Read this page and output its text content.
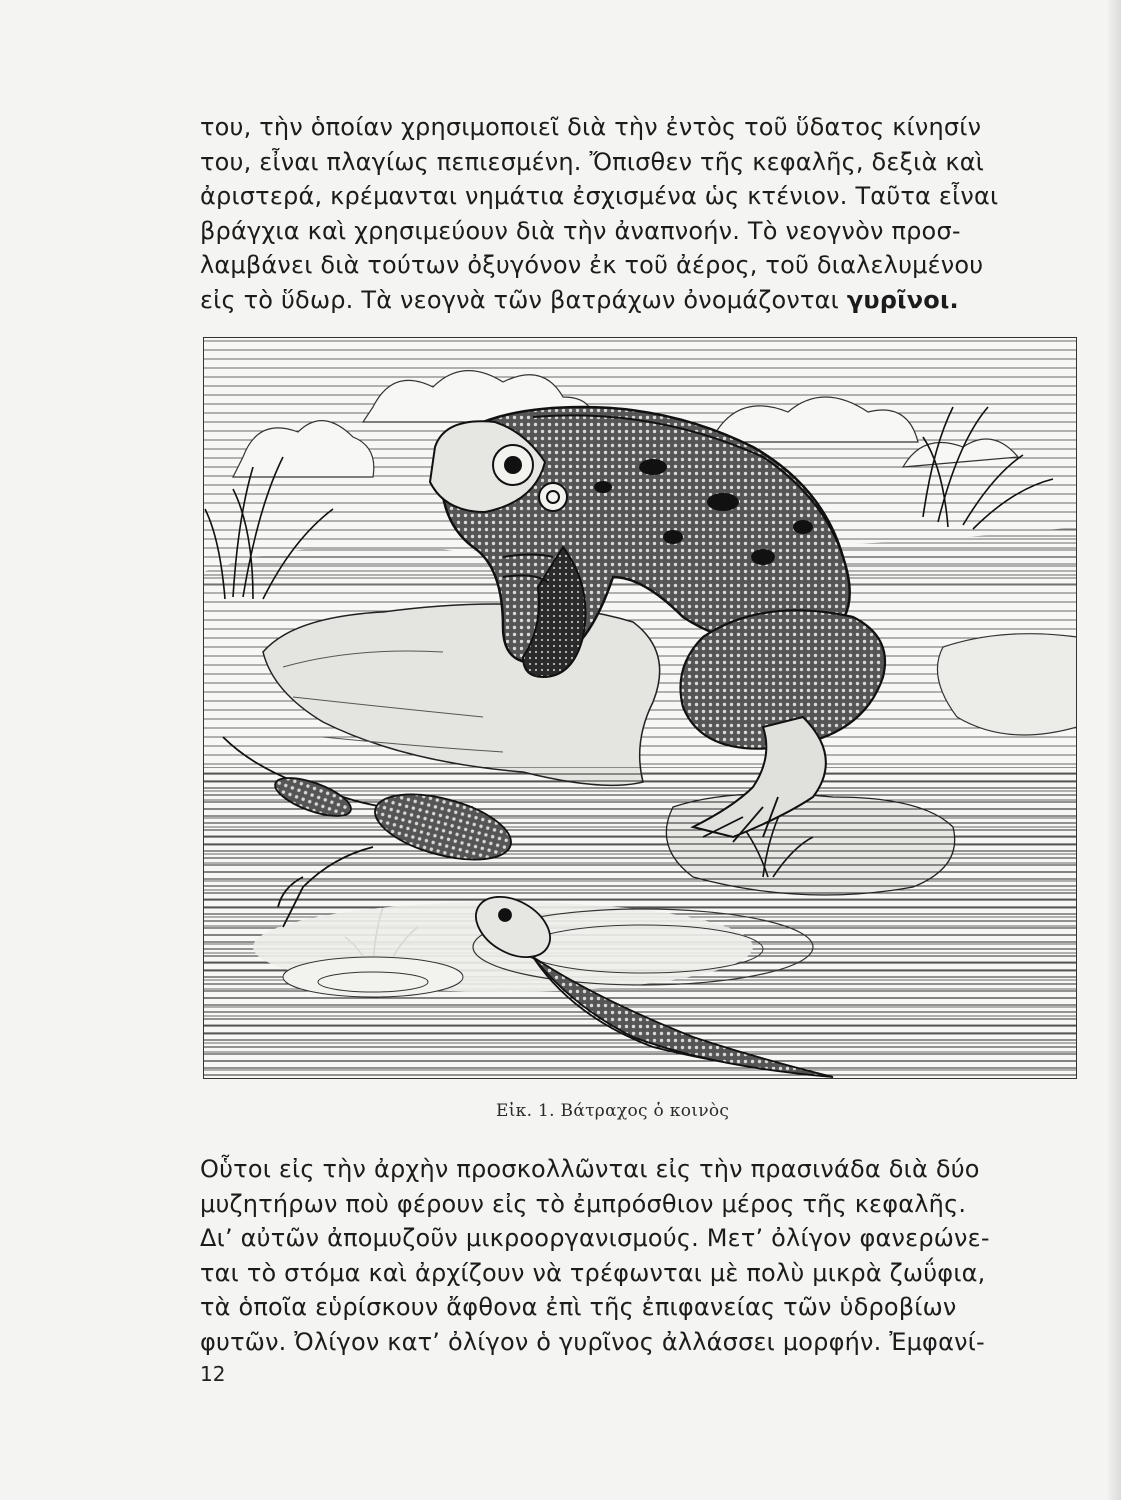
του, τὴν ὁποίαν χρησιμοποιεῖ διὰ τὴν ἐντὸς τοῦ ὕδατος κίνησίν
του, εἶναι πλαγίως πεπιεσμένη. Ὄπισθεν τῆς κεφαλῆς, δεξιὰ καὶ
ἀριστερά, κρέμανται νημάτια ἐσχισμένα ὡς κτένιον. Ταῦτα εἶναι
βράγχια καὶ χρησιμεύουν διὰ τὴν ἀναπνοήν. Τὸ νεογνὸν προσ-
λαμβάνει διὰ τούτων ὀξυγόνον ἐκ τοῦ ἀέρος, τοῦ διαλελυμένου
εἰς τὸ ὕδωρ. Τὰ νεογνὰ τῶν βατράχων ὀνομάζονται γυρῖνοι.
Εἰκ. 1. Βάτραχος ὁ κοινὸς
Οὗτοι εἰς τὴν ἀρχὴν προσκολλῶνται εἰς τὴν πρασινάδα διὰ δύο
μυζητήρων ποὺ φέρουν εἰς τὸ ἐμπρόσθιον μέρος τῆς κεφαλῆς.
Δι’ αὐτῶν ἀπομυζοῦν μικροοργανισμούς. Μετ’ ὀλίγον φανερώνε-
ται τὸ στόμα καὶ ἀρχίζουν νὰ τρέφωνται μὲ πολὺ μικρὰ ζωΰφια,
τὰ ὁποῖα εὑρίσκουν ἄφθονα ἐπὶ τῆς ἐπιφανείας τῶν ὑδροβίων
φυτῶν. Ὀλίγον κατ’ ὀλίγον ὁ γυρῖνος ἀλλάσσει μορφήν. Ἐμφανί-
12
